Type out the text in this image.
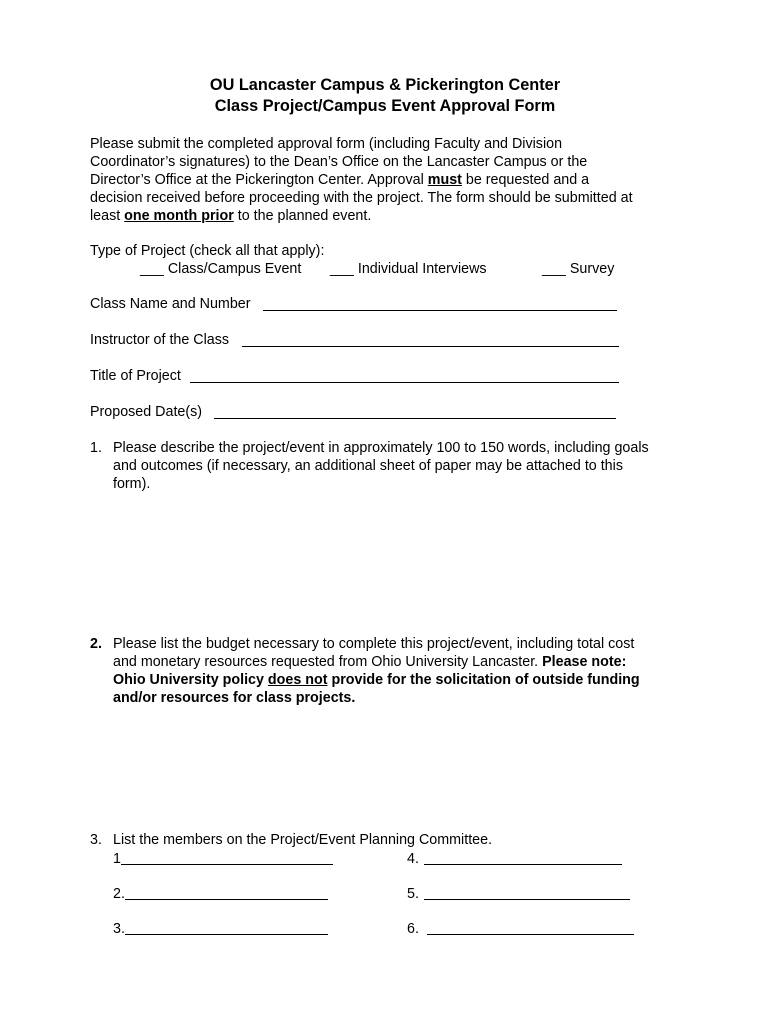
OU Lancaster Campus & Pickerington Center
Class Project/Campus Event Approval Form
Please submit the completed approval form (including Faculty and Division
Coordinator’s signatures) to the Dean’s Office on the Lancaster Campus or the
Director’s Office at the Pickerington Center. Approval must be requested and a
decision received before proceeding with the project. The form should be submitted at
least one month prior to the planned event.
Type of Project (check all that apply):
___ Class/Campus Event ___ Individual Interviews	___ Survey
Class Name and Number
Instructor of the Class
Title of Project
Proposed Date(s)
1. Please describe the project/event in approximately 100 to 150 words, including goals
and outcomes (if necessary, an additional sheet of paper may be attached to this
form).
2. Please list the budget necessary to complete this project/event, including total cost
and monetary resources requested from Ohio University Lancaster. Please note:
Ohio University policy does not provide for the solicitation of outside funding
and/or resources for class projects.
3. List the members on the Project/Event Planning Committee.
1	4.
2.	5.
3.	6.
